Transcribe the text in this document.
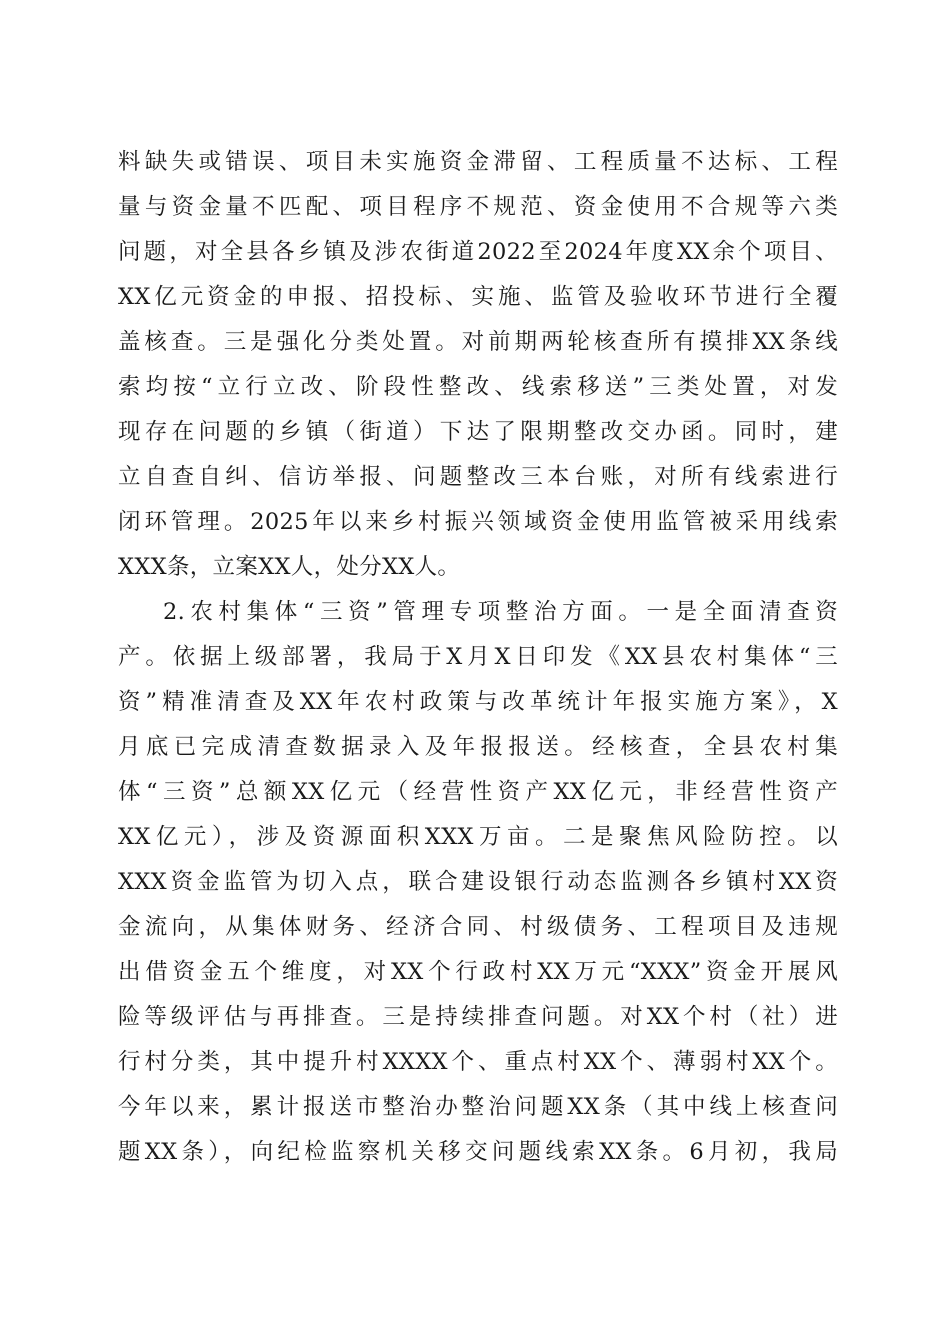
料缺失或错误、项目未实施资金滞留、工程质量不达标、工程
量与资金量不匹配、项目程序不规范、资金使用不合规等六类
问题，对全县各乡镇及涉农街道2022至2024年度XX余个项目、
XX亿元资金的申报、招投标、实施、监管及验收环节进行全覆
盖核查。三是强化分类处置。对前期两轮核查所有摸排XX条线
索均按“立行立改、阶段性整改、线索移送”三类处置，对发
现存在问题的乡镇（街道）下达了限期整改交办函。同时，建
立自查自纠、信访举报、问题整改三本台账，对所有线索进行
闭环管理。2025年以来乡村振兴领域资金使用监管被采用线索
XXX条，立案XX人，处分XX人。
2.农村集体“三资”管理专项整治方面。一是全面清查资
产。依据上级部署，我局于X月X日印发《XX县农村集体“三
资”精准清查及XX年农村政策与改革统计年报实施方案》，X
月底已完成清查数据录入及年报报送。经核查，全县农村集
体“三资”总额XX亿元（经营性资产XX亿元，非经营性资产
XX亿元），涉及资源面积XXX万亩。二是聚焦风险防控。以
XXX资金监管为切入点，联合建设银行动态监测各乡镇村XX资
金流向，从集体财务、经济合同、村级债务、工程项目及违规
出借资金五个维度，对XX个行政村XX万元“XXX”资金开展风
险等级评估与再排查。三是持续排查问题。对XX个村（社）进
行村分类，其中提升村XXXX个、重点村XX个、薄弱村XX个。
今年以来，累计报送市整治办整治问题XX条（其中线上核查问
题XX条），向纪检监察机关移交问题线索XX条。6月初，我局
